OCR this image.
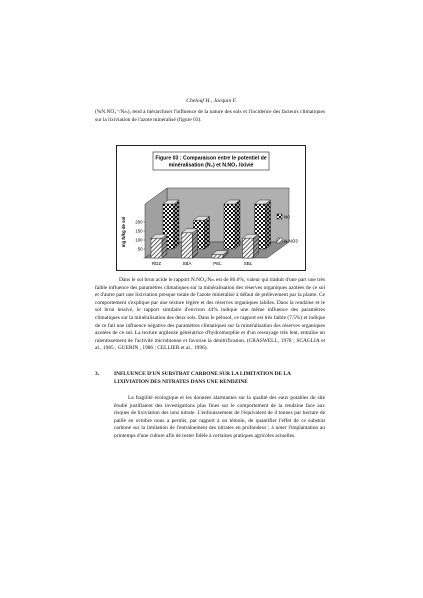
Chelouf H., Jacquin F.
(%N.NO₃⁻/Nₘ), tend à hiérarchiser l'influence de la nature des sols et l'incidence des facteurs climatiques sur la lixiviation de l'azote minéralisé (figure 03).
Figure 03 : Comparaison entre le potentiel de
minéralisation (N₀) et N.NO₃ lixivié
50
100
150
200
mg N/kg de sol
RDZ	SBA	PEL	SBL
N0
N.NO3
Dans le sol brun acide le rapport N.NO₃/Nₘ est de 86.6%, valeur qui traduit d'une part une très faible influence des paramètres climatiques sur la minéralisation des réserves organiques azotées de ce sol et d'autre part une lixiviation presque totale de l'azote minéralisé à défaut de prélèvement par la plante. Ce comportement s'explique par une texture légère et des réserves organiques labiles. Dans la rendzine et le sol brun lessivé, le rapport similaire d'environ 44% indique une même influence des paramètres climatiques sur la minéralisation des deux sols. Dans le pélosol, ce rapport est très faible (7.5%) et indique de ce fait une influence négative des paramètres climatiques sur la minéralisation des réserves organiques azotées de ce sol. La texture argileuse génératrice d'hydromorphie et d'un ressuyage très lent, entraîne un ralentissement de l'activité microbienne et favorise la dénitrification. (CRASWELL, 1978 ; SCAGLIA et al., 1985 ; GUERIN , 1986 ; CELLIER et al., 1996).
3.	INFLUENCE D'UN SUBSTRAT CARBONE SUR LA LIMITATION DE LA
LIXIVIATION DES NITRATES DANS UNE RENDZINE
La fragilité écologique et les données alarmantes sur la qualité des eaux potables du site étudié justifiaient des investigations plus fines sur le comportement de la rendzine face aux risques de lixiviation des ions nitrate. L'enfouissement de l'équivalent de 4 tonnes par hectare de paille en octobre nous a permis, par rapport à un témoin, de quantifier l'effet de ce substrat carboné sur la limitation de l'entraînement des nitrates en profondeur ; à noter l'implantation au printemps d'une culture afin de rester fidèle à certaines pratiques agricoles actuelles.
